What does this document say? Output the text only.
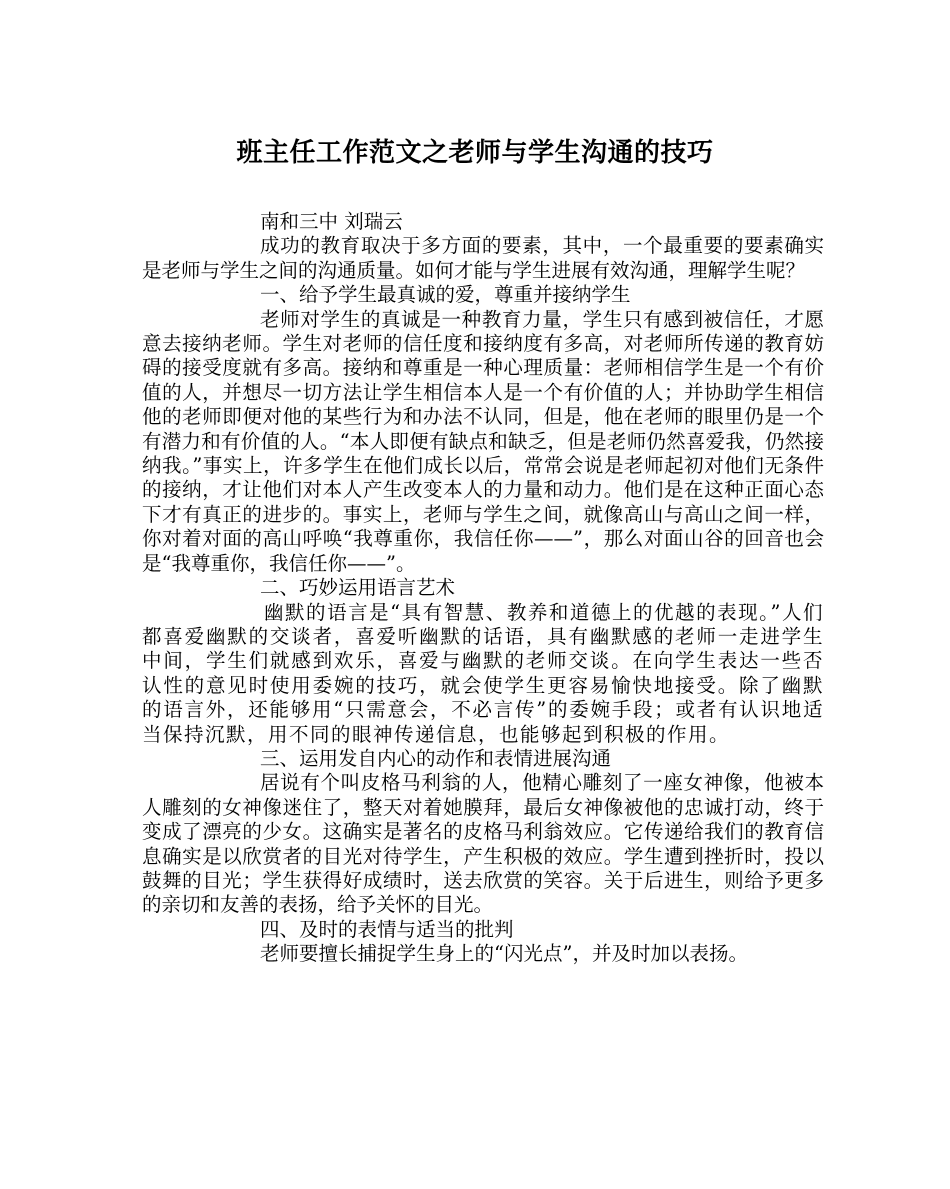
班主任工作范文之老师与学生沟通的技巧

南和三中 刘瑞云

成功的教育取决于多方面的要素，其中，一个最重要的要素确实是老师与学生之间的沟通质量。如何才能与学生进展有效沟通，理解学生呢？

一、给予学生最真诚的爱，尊重并接纳学生

老师对学生的真诚是一种教育力量，学生只有感到被信任，才愿意去接纳老师。学生对老师的信任度和接纳度有多高，对老师所传递的教育妨碍的接受度就有多高。接纳和尊重是一种心理质量：老师相信学生是一个有价值的人，并想尽一切方法让学生相信本人是一个有价值的人；并协助学生相信他的老师即便对他的某些行为和办法不认同，但是，他在老师的眼里仍是一个有潜力和有价值的人。“本人即便有缺点和缺乏，但是老师仍然喜爱我，仍然接纳我。”事实上，许多学生在他们成长以后，常常会说是老师起初对他们无条件的接纳，才让他们对本人产生改变本人的力量和动力。他们是在这种正面心态下才有真正的进步的。事实上，老师与学生之间，就像高山与高山之间一样，你对着对面的高山呼唤“我尊重你，我信任你——”，那么对面山谷的回音也会是“我尊重你，我信任你——”。

二、巧妙运用语言艺术

幽默的语言是“具有智慧、教养和道德上的优越的表现。”人们都喜爱幽默的交谈者，喜爱听幽默的话语，具有幽默感的老师一走进学生中间，学生们就感到欢乐，喜爱与幽默的老师交谈。在向学生表达一些否认性的意见时使用委婉的技巧，就会使学生更容易愉快地接受。除了幽默的语言外，还能够用“只需意会，不必言传”的委婉手段；或者有认识地适当保持沉默，用不同的眼神传递信息，也能够起到积极的作用。

三、运用发自内心的动作和表情进展沟通

居说有个叫皮格马利翁的人，他精心雕刻了一座女神像，他被本人雕刻的女神像迷住了，整天对着她膜拜，最后女神像被他的忠诚打动，终于变成了漂亮的少女。这确实是著名的皮格马利翁效应。它传递给我们的教育信息确实是以欣赏者的目光对待学生，产生积极的效应。学生遭到挫折时，投以鼓舞的目光；学生获得好成绩时，送去欣赏的笑容。关于后进生，则给予更多的亲切和友善的表扬，给予关怀的目光。

四、及时的表情与适当的批判

老师要擅长捕捉学生身上的“闪光点”，并及时加以表扬。
